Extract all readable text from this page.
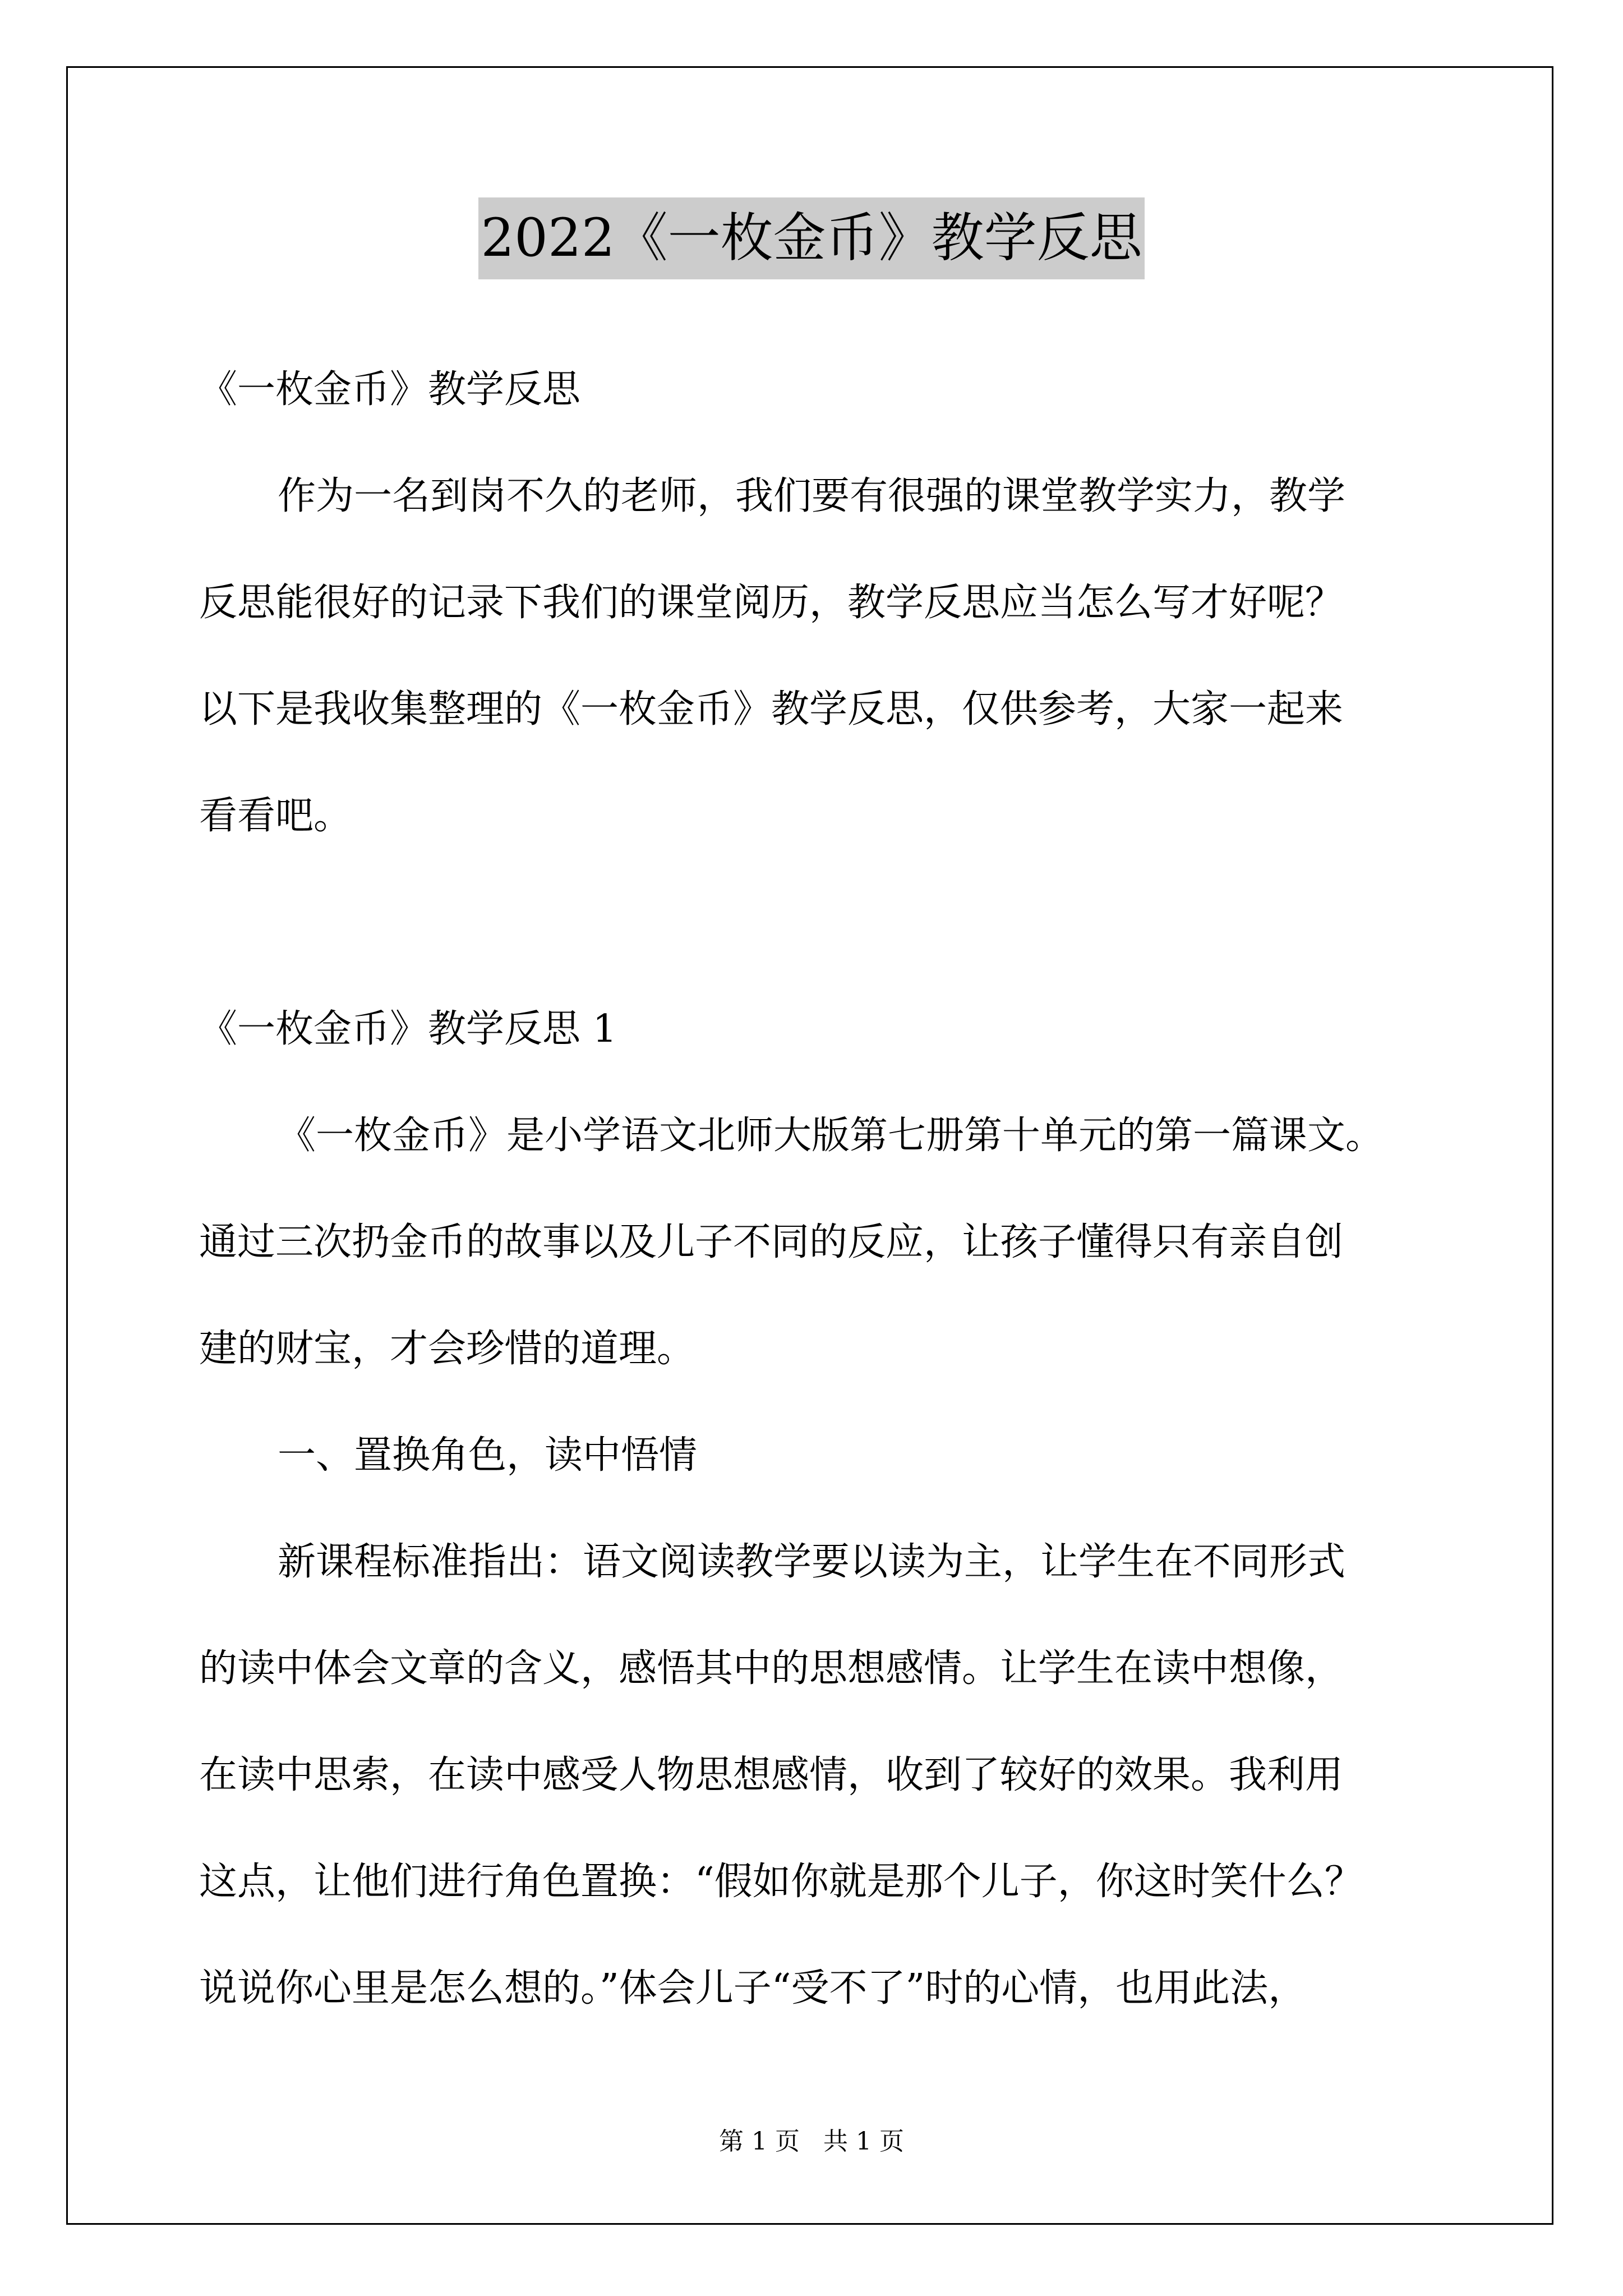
2022《一枚金币》教学反思

《一枚金币》教学反思

作为一名到岗不久的老师，我们要有很强的课堂教学实力，教学

反思能很好的记录下我们的课堂阅历，教学反思应当怎么写才好呢？

以下是我收集整理的《一枚金币》教学反思，仅供参考，大家一起来

看看吧。

《一枚金币》教学反思 1

《一枚金币》是小学语文北师大版第七册第十单元的第一篇课文。

通过三次扔金币的故事以及儿子不同的反应，让孩子懂得只有亲自创

建的财宝，才会珍惜的道理。

一、置换角色，读中悟情

新课程标准指出：语文阅读教学要以读为主，让学生在不同形式

的读中体会文章的含义，感悟其中的思想感情。让学生在读中想像，

在读中思索，在读中感受人物思想感情，收到了较好的效果。我利用

这点，让他们进行角色置换：“假如你就是那个儿子，你这时笑什么？

说说你心里是怎么想的。”体会儿子“受不了”时的心情，也用此法，

第 1 页 共 1 页
